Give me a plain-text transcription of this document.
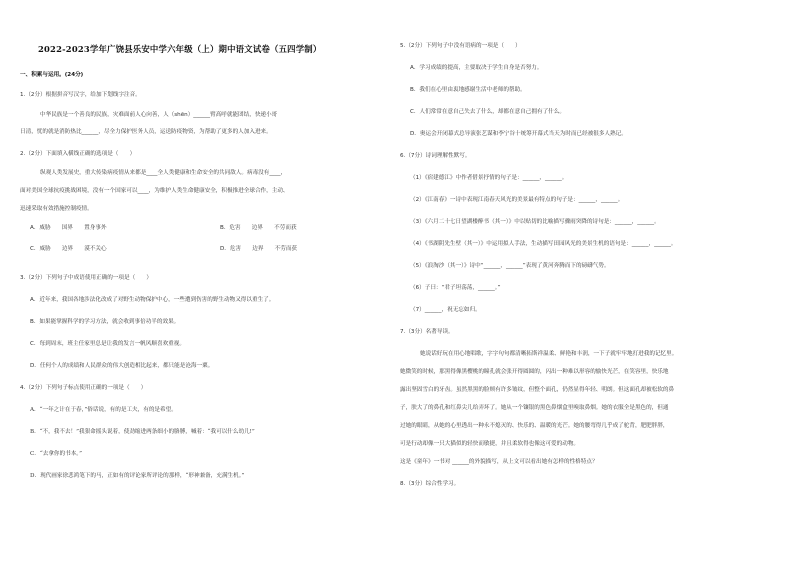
2022-2023学年广饶县乐安中学六年级（上）期中语文试卷（五四学制）
一、积累与运用。(24分)
1.（2分）根据拼音写汉字，给加下划线字注音。
中华民族是一个善良的民族，灾难面前人心向善，人（shēn）______臂高呼就能团结，快递小哥
日清，忧的就是消防热比______，尽全力保护医务人员，运送防疫物资，为帮助了更多的人加入进来。
2.（2分）下面填入横线正确的选项是（　　）
纵观人类发展史，重大传染病疫情从来都是____全人类健康和生命安全的共同敌人。病毒没有____，
面对美国全球抗疫挑战困境，没有一个国家可以____，为维护人类生命健康安全，积极推进全球合作，主动、
迅速采取有效措施控制疫情。
A．威胁　　国界　　置身事外	B．危害　　边界　　不劳而获
C．威胁　　边界　　漠不关心	D．危害　　边界　　不劳而获
3.（2分）下列句子中成语使用正确的一项是（　　）
A．近年来，我国各地涉法化改成了对野生动物保护中心，一些遭到伤害的野生动物又得以重生了。
B．如果能掌握科学的学习方法，就会收到事倍功半的效果。
C．每到周末，班主任家里总是让我的发言一帆风顺喜欢重视。
D．任何个人的成绩和人民群众的伟大创造相比起来，都只能是沧海一粟。
4.（2分）下列句子标点使用正确的一项是（　　）
A．“一年之计在于春，”俗话说，有的是工夫，有的是希望。
B．“不，我不去！”我狠命摇头说着，使劲缩进两条细小的胳膊，喊着：“我可以什么幼儿!”
C．“去拿你的书本。”
D．现代画家徐悲鸿笔下的马，正如有的评论家所评论的那样，“形神兼备，充满生机。”
5.（2分）下列句子中没有语病的一项是（　　）
A．学习成绩的提高，主要取决于学生自身是否努力。
B．我们在心里由衷地感谢生活中老师的帮助。
C．人们常常在意自己失去了什么，却都在意自己拥有了什么。
D．奥运会开闭幕式总导演张艺谋和李宁谷十统筹开幕式当天为时而已经被很多人熟记。
6.（7分）诗词理解性默写。
（1）《宿建德江》中作者借景抒情的句子是：______，______。
（2）《江南春》一诗中表现江南春天风光的美景最有特点的句子是：______，______。
（3）《六月二十七日望湖楼醉书（其一）》中以贴切的比喻描写骤雨突降的诗句是：______，______。
（4）《书湖阴先生壁（其一）》中运用拟人手法，生动描写田园风光的美景生机的语句是：______，______。
（5）《浪淘沙（其一）》诗中“______，______”表现了黄河奔腾而下的磅礴气势。
（6）子曰：“君子坦荡荡，______。”
（7）______，祝无忘如归。
7.（3分）名著导读。
她说话好玩在用心地唱歌，字字句句都清晰拓斯祥温柔、鲜艳和丰润，一下子就牢牢地打进我的记忆里。
她微笑的时候，那黑得像黑樱桃的瞳孔就会张开得圆圆的，闪出一种难以形容的愉快光芒，在笑容里，快乐地
露出坚固雪白的牙齿。虽然黑黑的脸颊有许多皱纹，但整个面孔，仍然显得年轻、明朗。但这面孔却被松软的鼻
子，肤大了的鼻孔和红鼻尖儿给弄坏了。她从一个镶银的黑色鼻烟盒里嗅取鼻烟。她的衣服全是黑色的，但通
过她的眼睛，从她的心里透出一种永不熄灭的、快乐的、温暖的光芒。她的腰弯得几乎成了驼背，肥肥胖胖，
可是行动却像一只大猫似的轻快而敏捷，并且柔软得也像这可爱的动物。
这是《童年》一书对 ______的外貌描写，从上文可以看出她有怎样的性格特点？
8.（3分）综合性学习。
